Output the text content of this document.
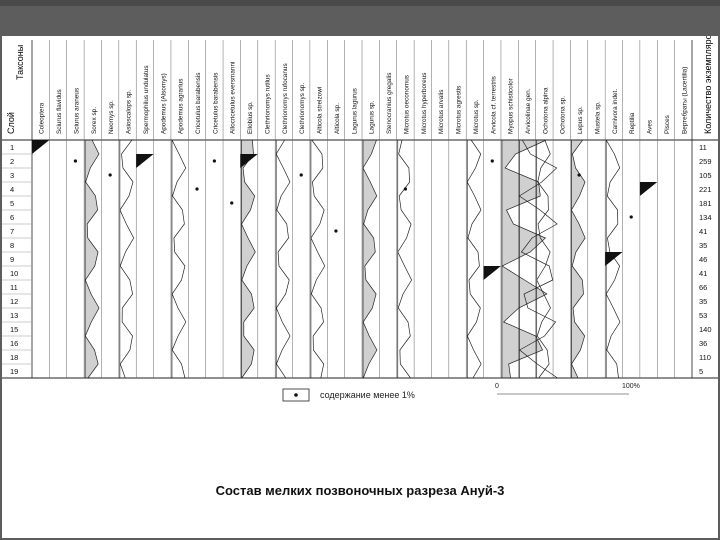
Слой
Таксоны
Coleoptera Sciurus flavidus Sciurus araneus Sorex sp. Neomys sp. Asioscalops sp. Spermophilus undulatus Apodemus (Alsomys) Apodemus agrarius Cricetulus barabensis Cricetulus barabensis Allocricetulus eversmanni Ellobius sp. Clethrionomys rutilus Clethrionomys rufocanus Clethrionomys sp. Alticola strelzowi Alticola sp. Lagurus lagurus Lagurus sp. Stenocranius gregalis Microtus oeconomus Microtus hyperboreus Microtus arvalis Microtus agrestis Microtus sp. Arvicola cf. terrestris Myopus schisticolor Arvicolinae gen. Ochotona alpina Ochotona sp. Lepus sp. Mustela sp. Carnivora indet. Reptilia Aves Pisces Вертебраты (Lacertilia)
1
2
3
4
5
6
7
8
9
10
11
12
13
15
16
18
19
11
259
105
221
181
134
41
35
46
41
66
35
53
140
36
110
5
Количество экземпляров
содержание менее 1%
0	100%
Состав мелких позвоночных разреза Ануй-3
